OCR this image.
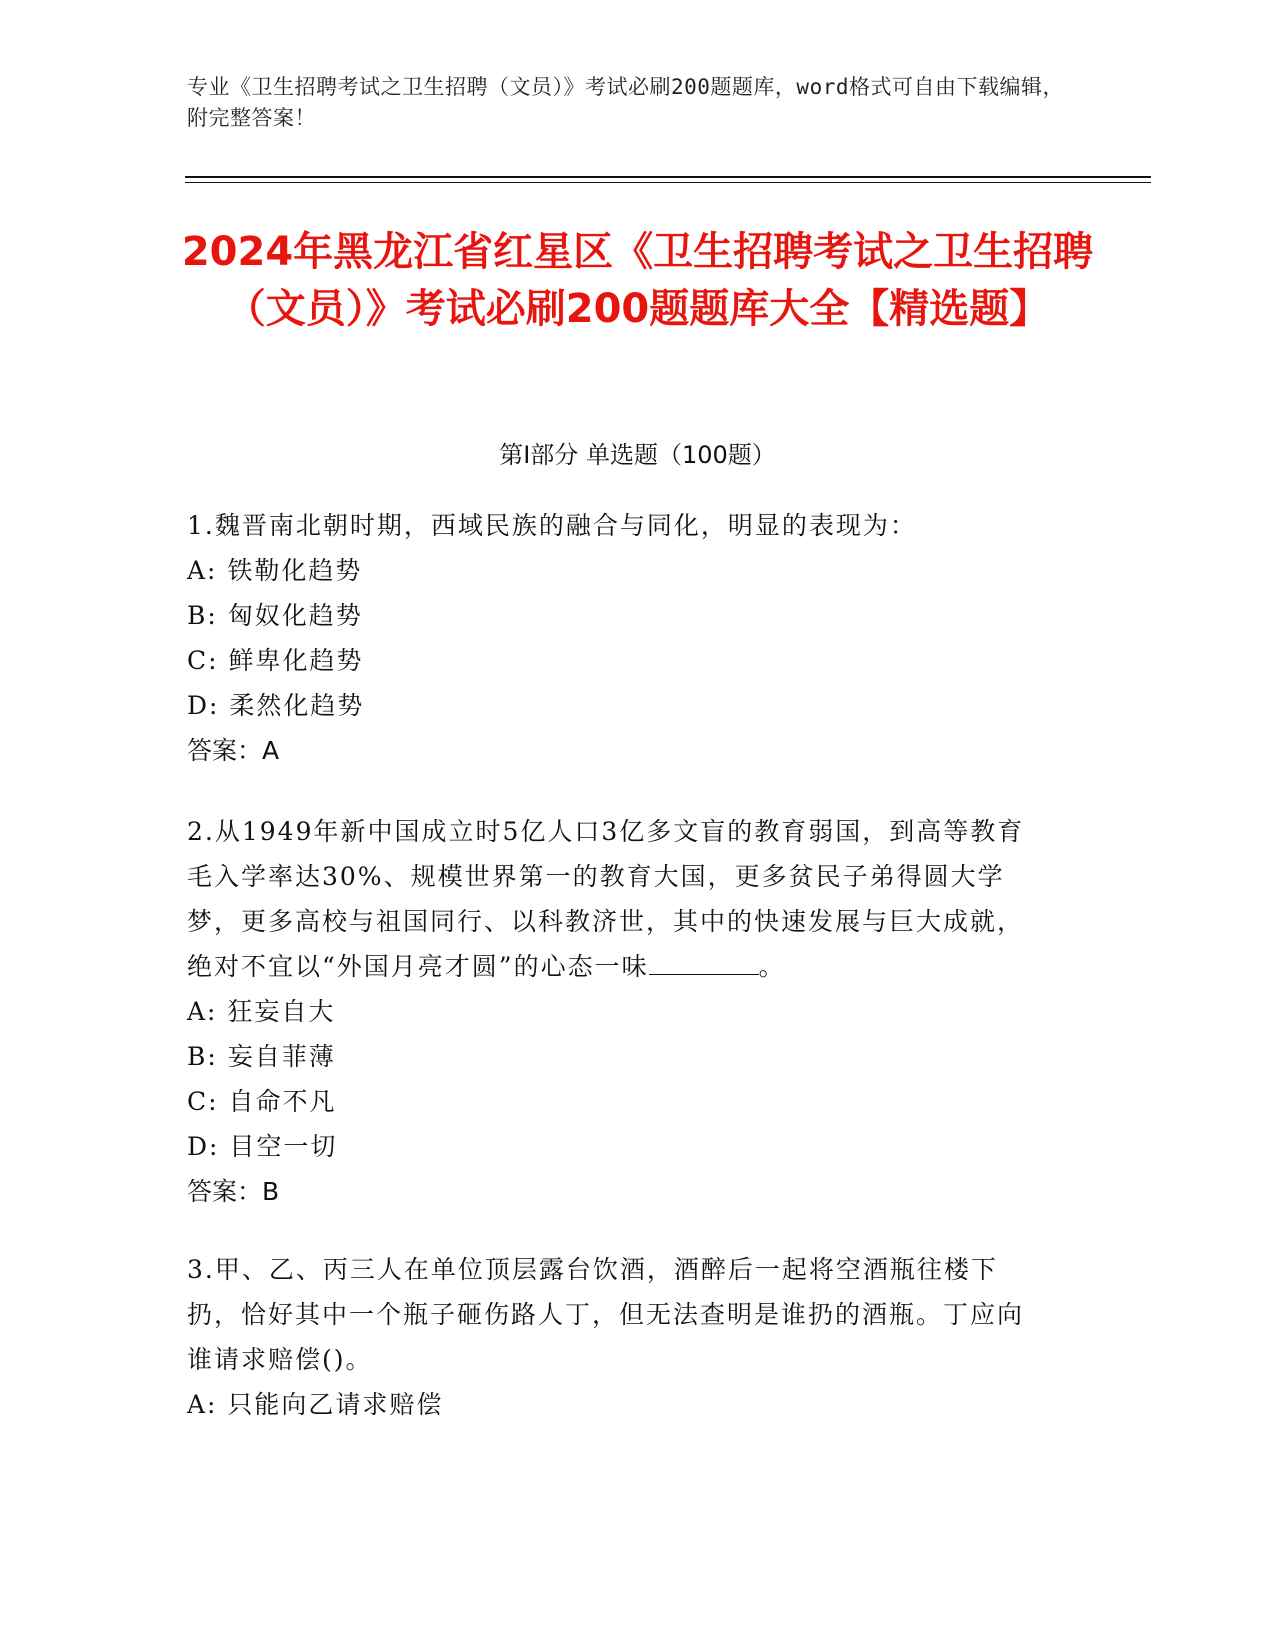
专业《卫生招聘考试之卫生招聘（文员）》考试必刷200题题库，word格式可自由下载编辑，附完整答案！
2024年黑龙江省红星区《卫生招聘考试之卫生招聘（文员）》考试必刷200题题库大全【精选题】
第I部分 单选题（100题）
1.魏晋南北朝时期，西域民族的融合与同化，明显的表现为：
A: 铁勒化趋势
B: 匈奴化趋势
C: 鲜卑化趋势
D: 柔然化趋势
答案：A
2.从1949年新中国成立时5亿人口3亿多文盲的教育弱国，到高等教育毛入学率达30%、规模世界第一的教育大国，更多贫民子弟得圆大学梦，更多高校与祖国同行、以科教济世，其中的快速发展与巨大成就，绝对不宜以“外国月亮才圆”的心态一味	。
A: 狂妄自大
B: 妄自菲薄
C: 自命不凡
D: 目空一切
答案：B
3.甲、乙、丙三人在单位顶层露台饮酒，酒醉后一起将空酒瓶往楼下扔，恰好其中一个瓶子砸伤路人丁，但无法查明是谁扔的酒瓶。丁应向谁请求赔偿()。
A: 只能向乙请求赔偿
